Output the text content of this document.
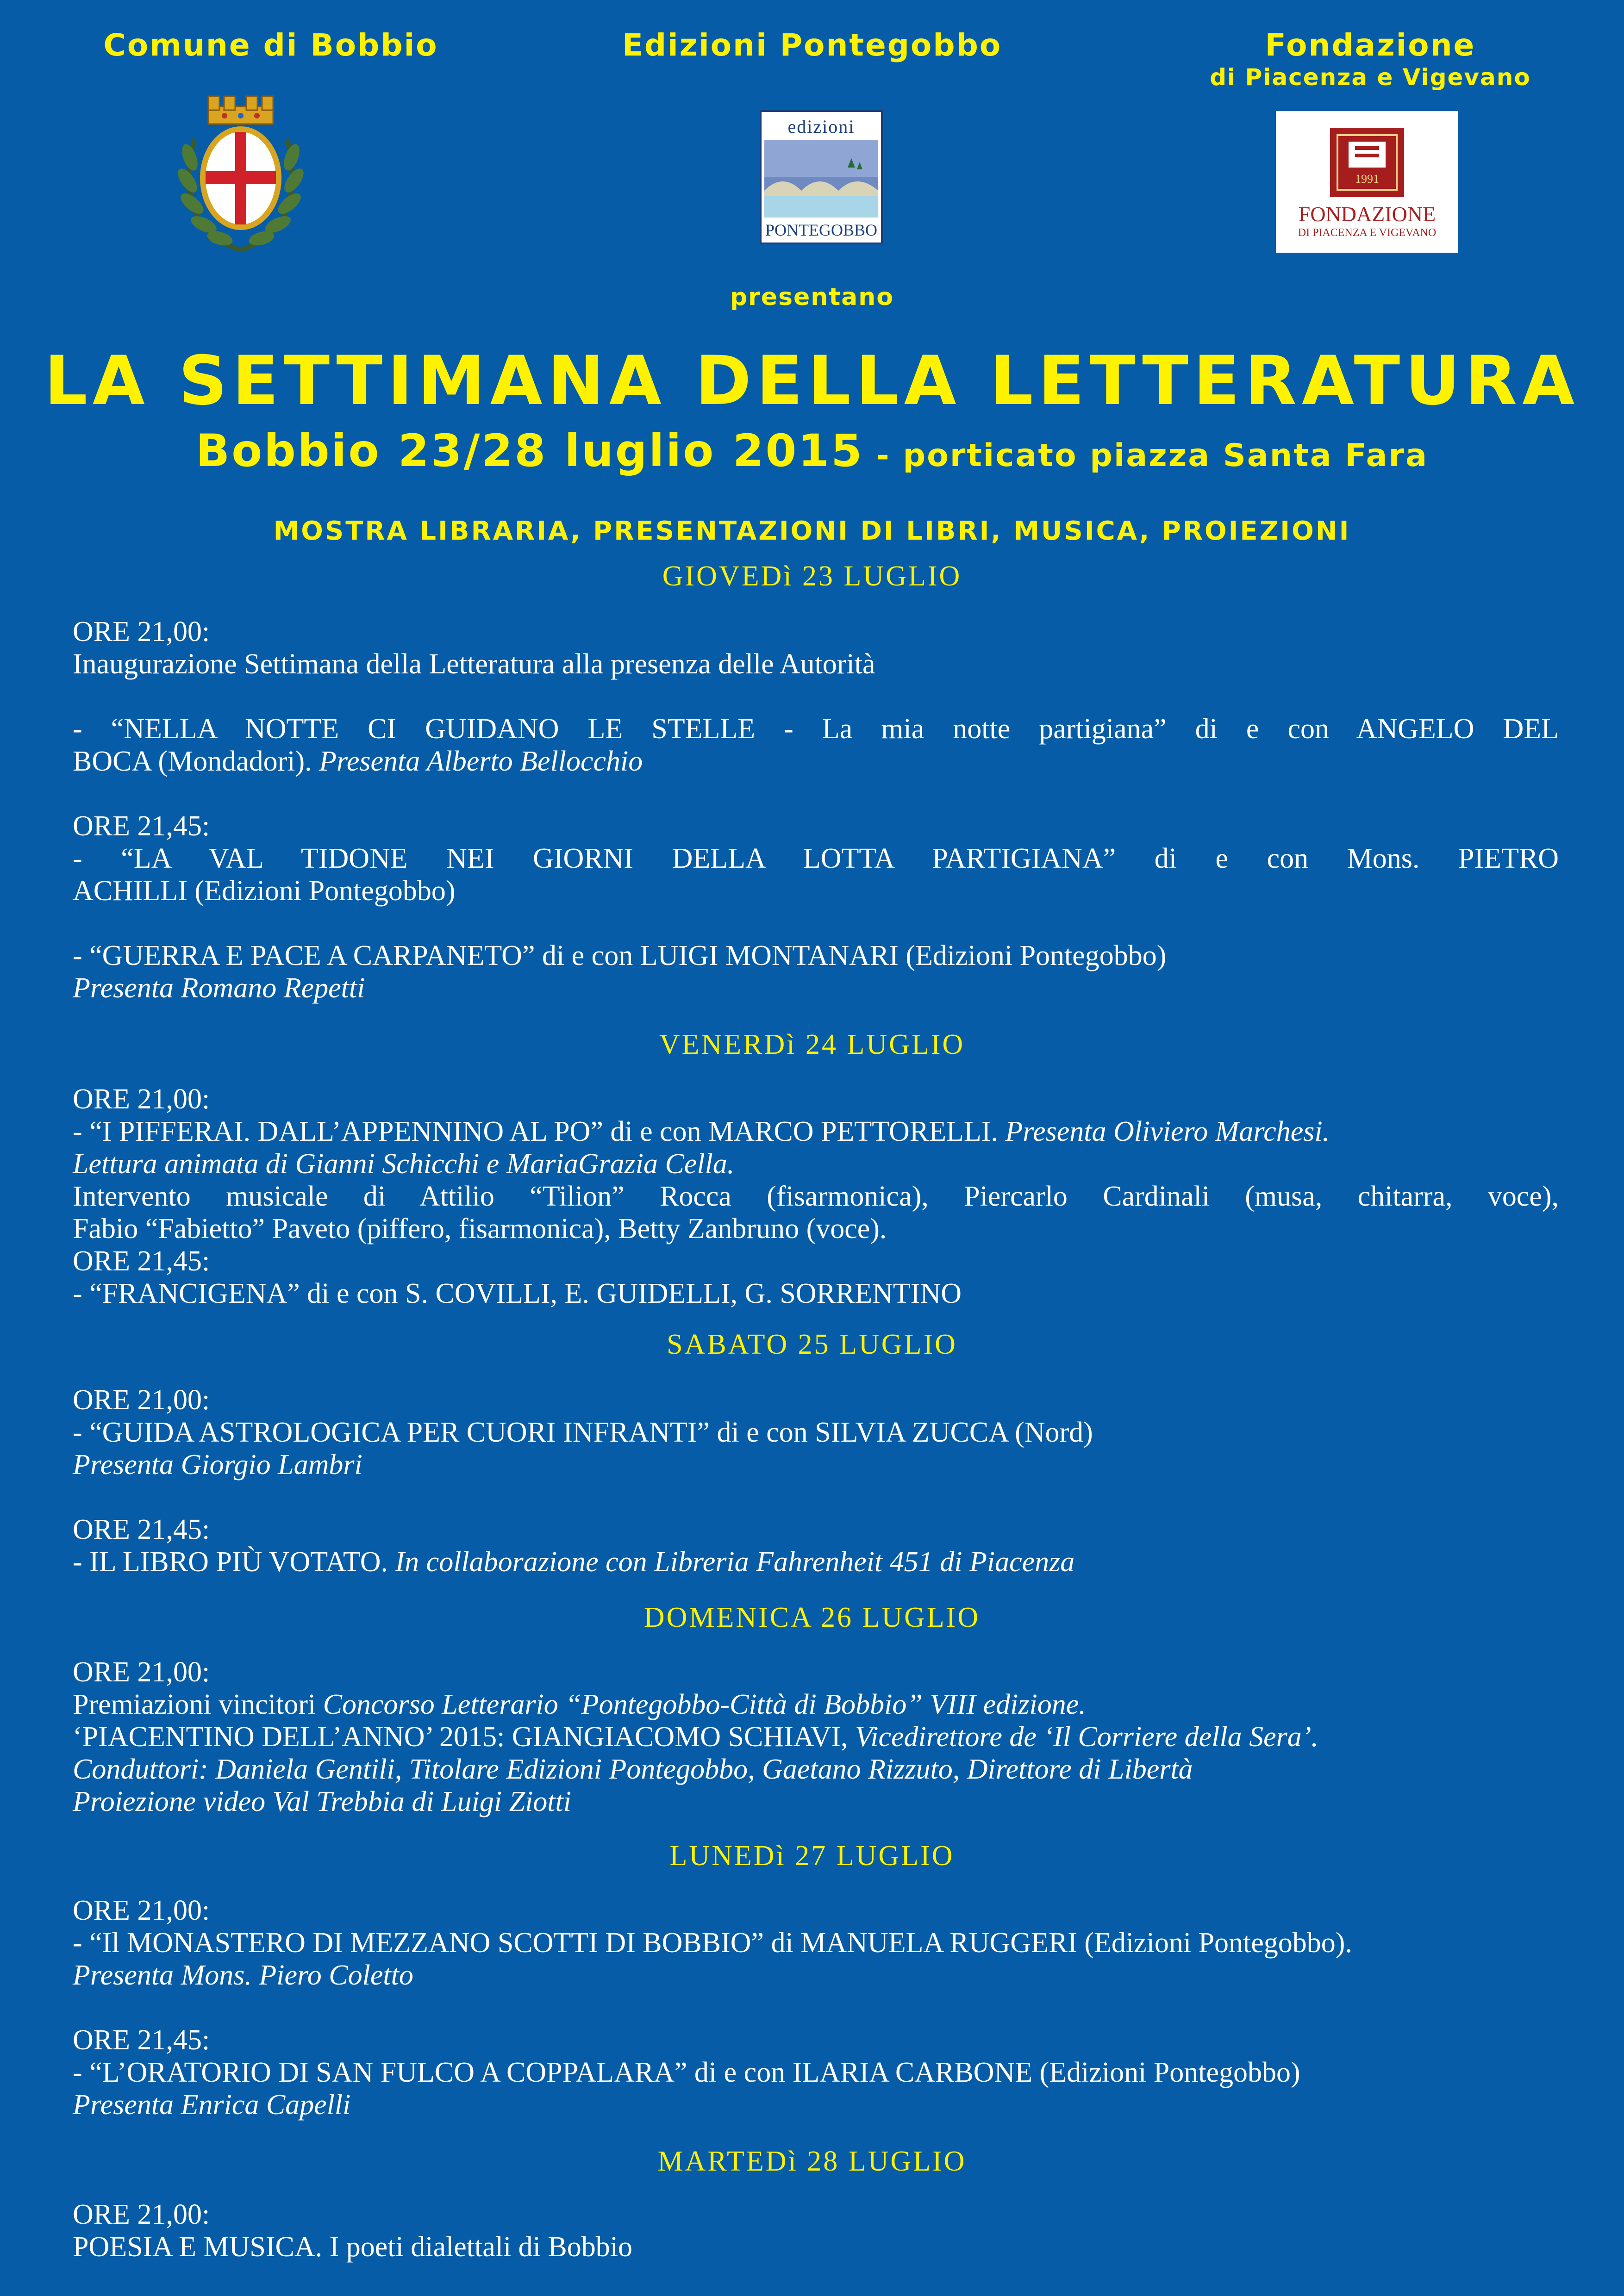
Comune di Bobbio	Edizioni Pontegobbo	Fondazione
di Piacenza e Vigevano
edizioni
PONTEGOBBO
1991
FONDAZIONE
DI PIACENZA E VIGEVANO
presentano
LA SETTIMANA DELLA LETTERATURA
Bobbio 23/28 luglio 2015 - porticato piazza Santa Fara
MOSTRA LIBRARIA, PRESENTAZIONI DI LIBRI, MUSICA, PROIEZIONI
GIOVEDì 23 LUGLIO
ORE 21,00:
Inaugurazione Settimana della Letteratura alla presenza delle Autorità
- “NELLA NOTTE CI GUIDANO LE STELLE - La mia notte partigiana” di e con ANGELO DEL
BOCA (Mondadori). Presenta Alberto Bellocchio
ORE 21,45:
- “LA VAL TIDONE NEI GIORNI DELLA LOTTA PARTIGIANA” di e con Mons. PIETRO
ACHILLI (Edizioni Pontegobbo)
- “GUERRA E PACE A CARPANETO” di e con LUIGI MONTANARI (Edizioni Pontegobbo)
Presenta Romano Repetti
VENERDì 24 LUGLIO
ORE 21,00:
- “I PIFFERAI. DALL’APPENNINO AL PO” di e con MARCO PETTORELLI. Presenta Oliviero Marchesi.
Lettura animata di Gianni Schicchi e MariaGrazia Cella.
Intervento musicale di Attilio “Tilion” Rocca (fisarmonica), Piercarlo Cardinali (musa, chitarra, voce),
Fabio “Fabietto” Paveto (piffero, fisarmonica), Betty Zanbruno (voce).
ORE 21,45:
- “FRANCIGENA” di e con S. COVILLI, E. GUIDELLI, G. SORRENTINO
SABATO 25 LUGLIO
ORE 21,00:
- “GUIDA ASTROLOGICA PER CUORI INFRANTI” di e con SILVIA ZUCCA (Nord)
Presenta Giorgio Lambri
ORE 21,45:
- IL LIBRO PIÙ VOTATO. In collaborazione con Libreria Fahrenheit 451 di Piacenza
DOMENICA 26 LUGLIO
ORE 21,00:
Premiazioni vincitori Concorso Letterario “Pontegobbo-Città di Bobbio” VIII edizione.
‘PIACENTINO DELL’ANNO’ 2015: GIANGIACOMO SCHIAVI, Vicedirettore de ‘Il Corriere della Sera’.
Conduttori: Daniela Gentili, Titolare Edizioni Pontegobbo, Gaetano Rizzuto, Direttore di Libertà
Proiezione video Val Trebbia di Luigi Ziotti
LUNEDì 27 LUGLIO
ORE 21,00:
- “Il MONASTERO DI MEZZANO SCOTTI DI BOBBIO” di MANUELA RUGGERI (Edizioni Pontegobbo).
Presenta Mons. Piero Coletto
ORE 21,45:
- “L’ORATORIO DI SAN FULCO A COPPALARA” di e con ILARIA CARBONE (Edizioni Pontegobbo)
Presenta Enrica Capelli
MARTEDì 28 LUGLIO
ORE 21,00:
POESIA E MUSICA. I poeti dialettali di Bobbio
